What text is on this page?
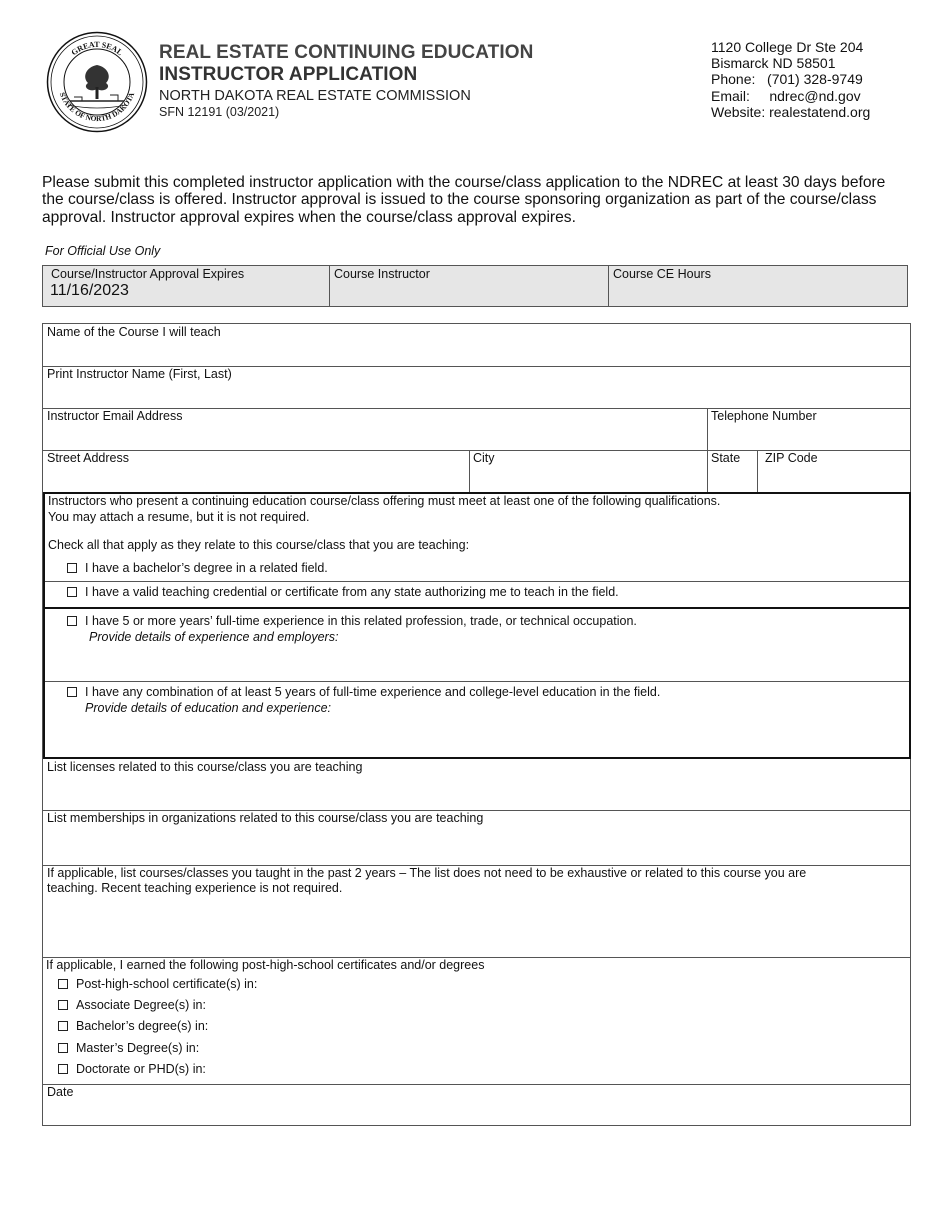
GREAT SEAL
STATE OF NORTH DAKOTA
REAL ESTATE CONTINUING EDUCATION
INSTRUCTOR APPLICATION
NORTH DAKOTA REAL ESTATE COMMISSION
SFN 12191 (03/2021)
1120 College Dr Ste 204
Bismarck ND 58501
Phone:   (701) 328-9749
Email:     ndrec@nd.gov
Website: realestatend.org
Please submit this completed instructor application with the course/class application to the NDREC at least 30 days before the course/class is offered. Instructor approval is issued to the course sponsoring organization as part of the course/class approval. Instructor approval expires when the course/class approval expires.
For Official Use Only
Course/Instructor Approval Expires
11/16/2023
Course Instructor	Course CE Hours
Name of the Course I will teach
Print Instructor Name (First, Last)
Instructor Email Address	Telephone Number
Street Address	City	State	ZIP Code
Instructors who present a continuing education course/class offering must meet at least one of the following qualifications.
You may attach a resume, but it is not required.
Check all that apply as they relate to this course/class that you are teaching:
I have a bachelor’s degree in a related field.
I have a valid teaching credential or certificate from any state authorizing me to teach in the field.
I have 5 or more years’ full-time experience in this related profession, trade, or technical occupation.
Provide details of experience and employers:
I have any combination of at least 5 years of full-time experience and college-level education in the field.
Provide details of education and experience:
List licenses related to this course/class you are teaching
List memberships in organizations related to this course/class you are teaching
If applicable, list courses/classes you taught in the past 2 years – The list does not need to be exhaustive or related to this course you are
teaching. Recent teaching experience is not required.
If applicable, I earned the following post-high-school certificates and/or degrees
Post-high-school certificate(s) in:
Associate Degree(s) in:
Bachelor’s degree(s) in:
Master’s Degree(s) in:
Doctorate or PHD(s) in:
Date
